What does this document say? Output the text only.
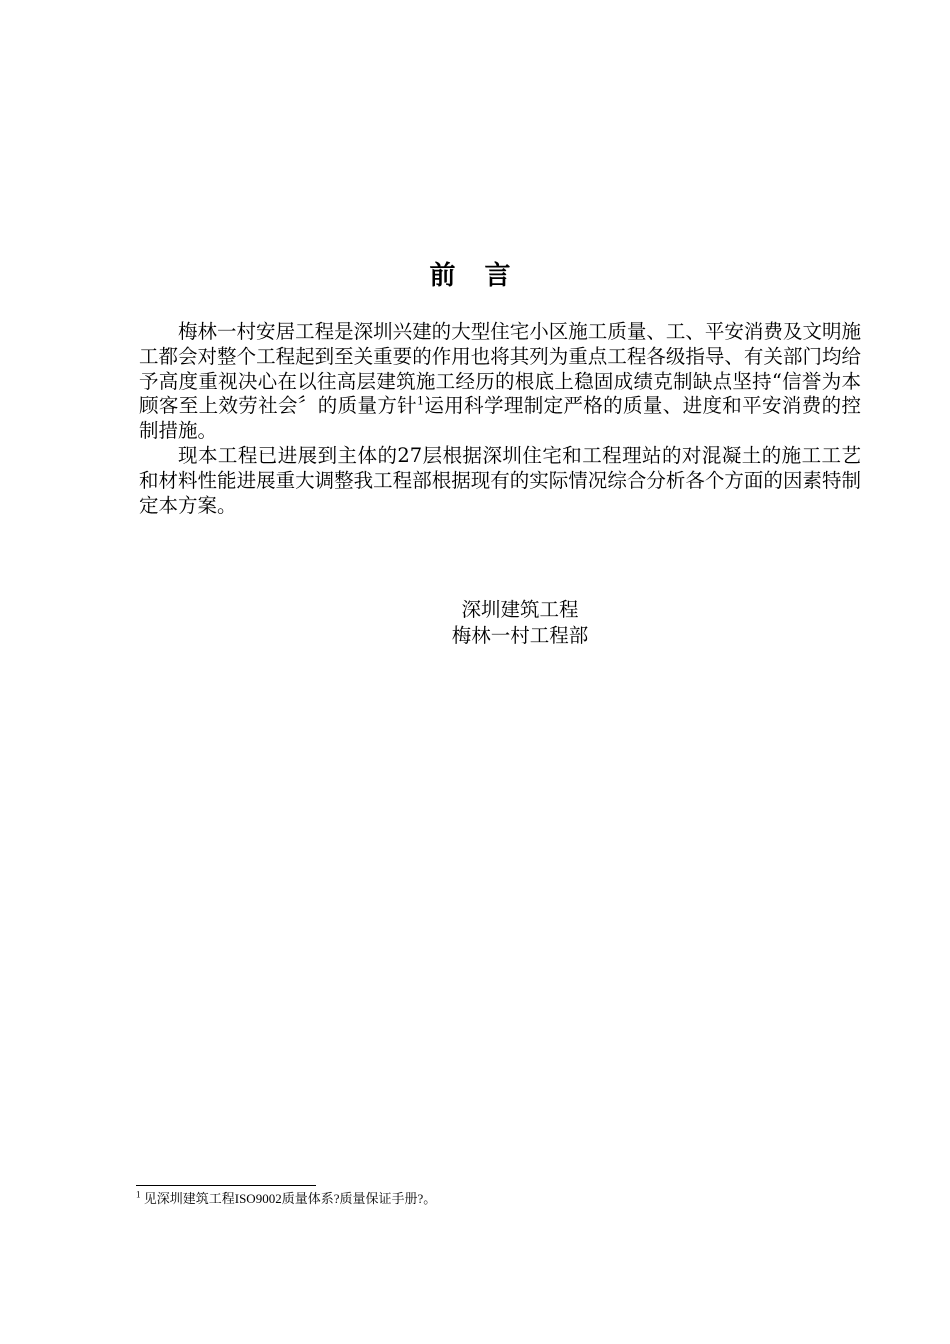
前 言

梅林一村安居工程是深圳兴建的大型住宅小区施工质量、工、平安消费及文明施工都会对整个工程起到至关重要的作用也将其列为重点工程各级指导、有关部门均给予高度重视决心在以往高层建筑施工经历的根底上稳固成绩克制缺点坚持“信誉为本顾客至上效劳社会〞的质量方针$^1$运用科学理制定严格的质量、进度和平安消费的控制措施。

现本工程已进展到主体的27层根据深圳住宅和工程理站的对混凝土的施工工艺和材料性能进展重大调整我工程部根据现有的实际情况综合分析各个方面的因素特制定本方案。

深圳建筑工程
梅林一村工程部
$^1$ 见深圳建筑工程ISO9002质量体系?质量保证手册?。
